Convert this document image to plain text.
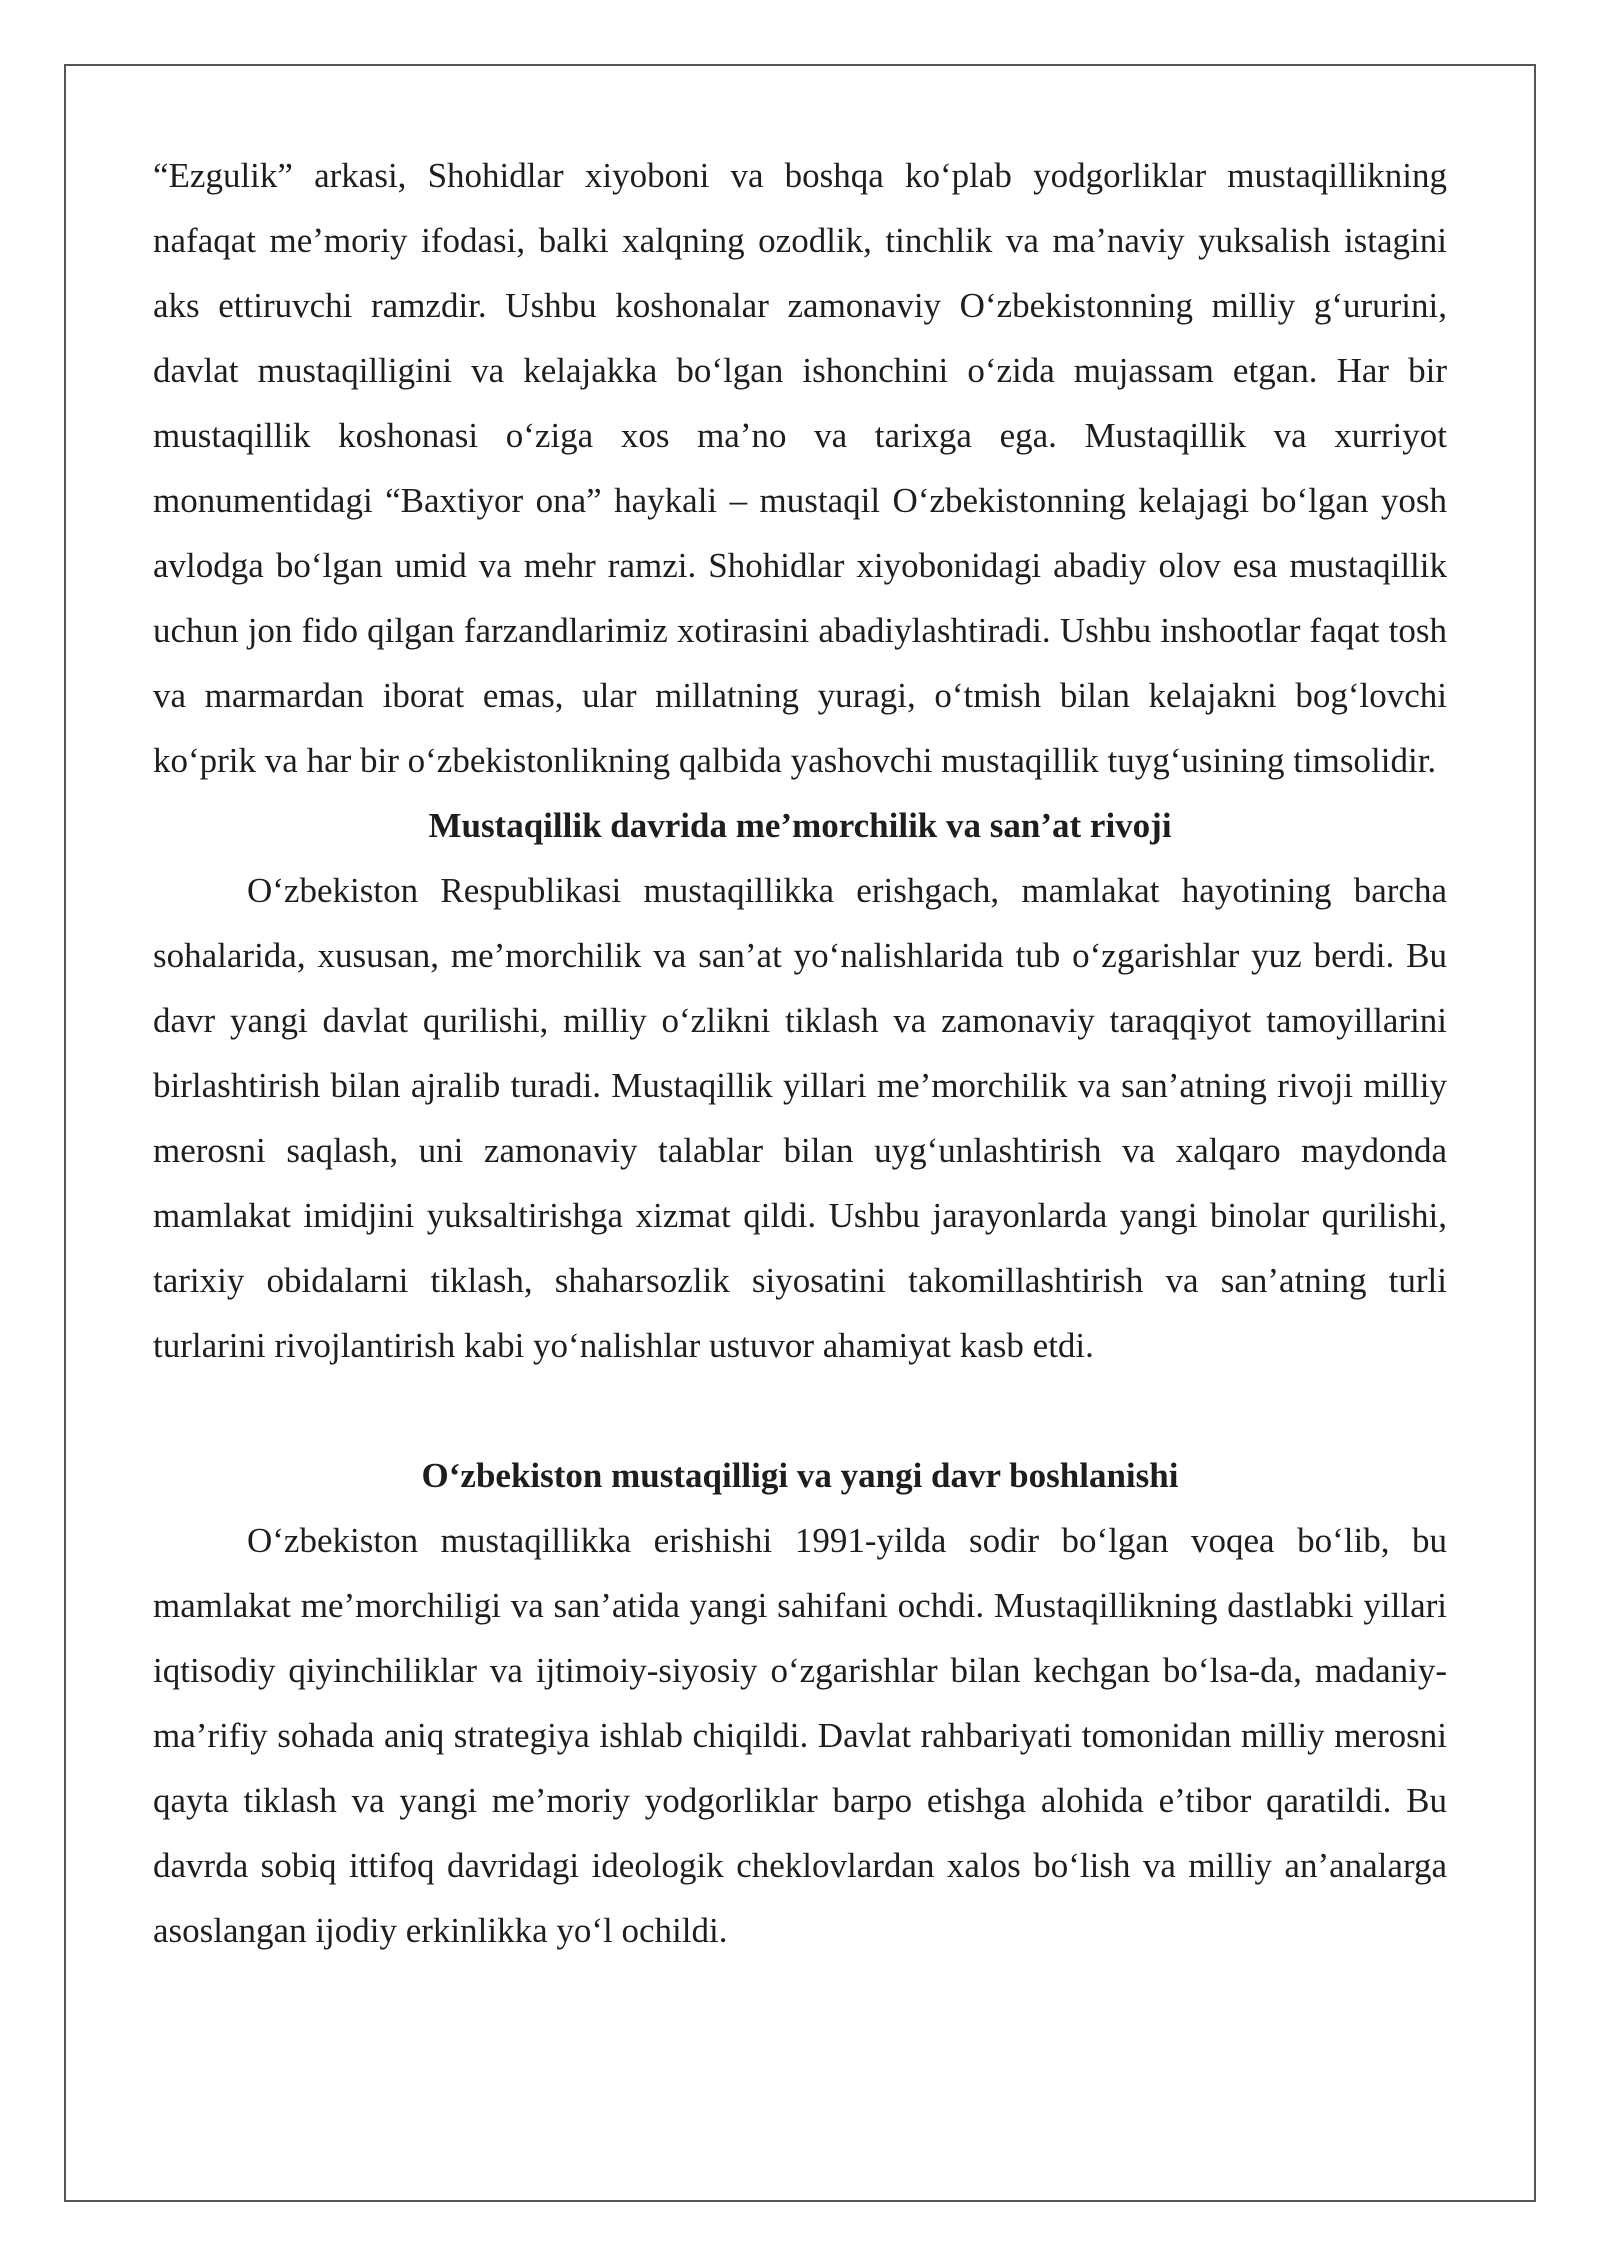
“Ezgulik” arkasi, Shohidlar xiyoboni va boshqa koʻplab yodgorliklar mustaqillikning nafaqat meʼmoriy ifodasi, balki xalqning ozodlik, tinchlik va maʼnaviy yuksalish istagini aks ettiruvchi ramzdir. Ushbu koshonalar zamonaviy Oʻzbekistonning milliy gʻururini, davlat mustaqilligini va kelajakka boʻlgan ishonchini oʻzida mujassam etgan. Har bir mustaqillik koshonasi oʻziga xos maʼno va tarixga ega. Mustaqillik va xurriyot monumentidagi “Baxtiyor ona” haykali – mustaqil Oʻzbekistonning kelajagi boʻlgan yosh avlodga boʻlgan umid va mehr ramzi. Shohidlar xiyobonidagi abadiy olov esa mustaqillik uchun jon fido qilgan farzandlarimiz xotirasini abadiylashtiradi. Ushbu inshootlar faqat tosh va marmardan iborat emas, ular millatning yuragi, oʻtmish bilan kelajakni bogʻlovchi koʻprik va har bir oʻzbekistonlikning qalbida yashovchi mustaqillik tuygʻusining timsolidir.

Mustaqillik davrida me’morchilik va san’at rivoji

Oʻzbekiston Respublikasi mustaqillikka erishgach, mamlakat hayotining barcha sohalarida, xususan, me’morchilik va san’at yoʻnalishlarida tub oʻzgarishlar yuz berdi. Bu davr yangi davlat qurilishi, milliy oʻzlikni tiklash va zamonaviy taraqqiyot tamoyillarini birlashtirish bilan ajralib turadi. Mustaqillik yillari me’morchilik va san’atning rivoji milliy merosni saqlash, uni zamonaviy talablar bilan uygʻunlashtirish va xalqaro maydonda mamlakat imidjini yuksaltirishga xizmat qildi. Ushbu jarayonlarda yangi binolar qurilishi, tarixiy obidalarni tiklash, shaharsozlik siyosatini takomillashtirish va san’atning turli turlarini rivojlantirish kabi yoʻnalishlar ustuvor ahamiyat kasb etdi.

Oʻzbekiston mustaqilligi va yangi davr boshlanishi

Oʻzbekiston mustaqillikka erishishi 1991-yilda sodir boʻlgan voqea boʻlib, bu mamlakat me’morchiligi va san’atida yangi sahifani ochdi. Mustaqillikning dastlabki yillari iqtisodiy qiyinchiliklar va ijtimoiy-siyosiy oʻzgarishlar bilan kechgan boʻlsa-da, madaniy-ma’rifiy sohada aniq strategiya ishlab chiqildi. Davlat rahbariyati tomonidan milliy merosni qayta tiklash va yangi me’moriy yodgorliklar barpo etishga alohida e’tibor qaratildi. Bu davrda sobiq ittifoq davridagi ideologik cheklovlardan xalos boʻlish va milliy an’analarga asoslangan ijodiy erkinlikka yoʻl ochildi.
